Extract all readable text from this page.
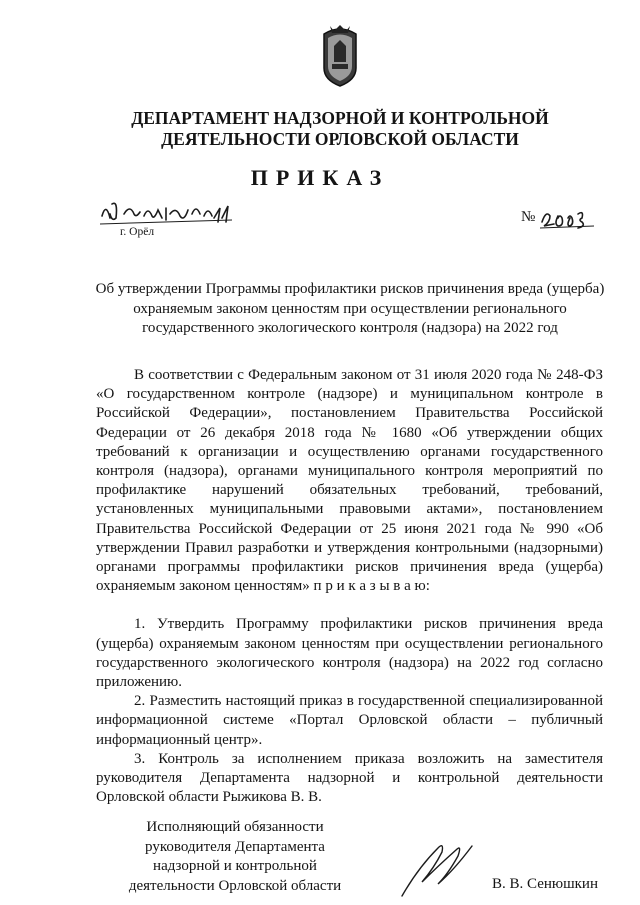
ДЕПАРТАМЕНТ НАДЗОРНОЙ И КОНТРОЛЬНОЙ ДЕЯТЕЛЬНОСТИ ОРЛОВСКОЙ ОБЛАСТИ
ПРИКАЗ
№
г. Орёл
Об утверждении Программы профилактики рисков причинения вреда (ущерба) охраняемым законом ценностям при осуществлении регионального государственного экологического контроля (надзора) на 2022 год

В соответствии с Федеральным законом от 31 июля 2020 года № 248-ФЗ «О государственном контроле (надзоре) и муниципальном контроле в Российской Федерации», постановлением Правительства Российской Федерации от 26 декабря 2018 года № 1680 «Об утверждении общих требований к организации и осуществлению органами государственного контроля (надзора), органами муниципального контроля мероприятий по профилактике нарушений обязательных требований, требований, установленных муниципальными правовыми актами», постановлением Правительства Российской Федерации от 25 июня 2021 года № 990 «Об утверждении Правил разработки и утверждения контрольными (надзорными) органами программы профилактики рисков причинения вреда (ущерба) охраняемым законом ценностям» п р и к а з ы в а ю:

1. Утвердить Программу профилактики рисков причинения вреда (ущерба) охраняемым законом ценностям при осуществлении регионального государственного экологического контроля (надзора) на 2022 год согласно приложению.

2. Разместить настоящий приказ в государственной специализированной информационной системе «Портал Орловской области – публичный информационный центр».

3. Контроль за исполнением приказа возложить на заместителя руководителя Департамента надзорной и контрольной деятельности Орловской области Рыжикова В. В.

Исполняющий обязанности руководителя Департамента надзорной и контрольной деятельности Орловской области	В. В. Сенюшкин
